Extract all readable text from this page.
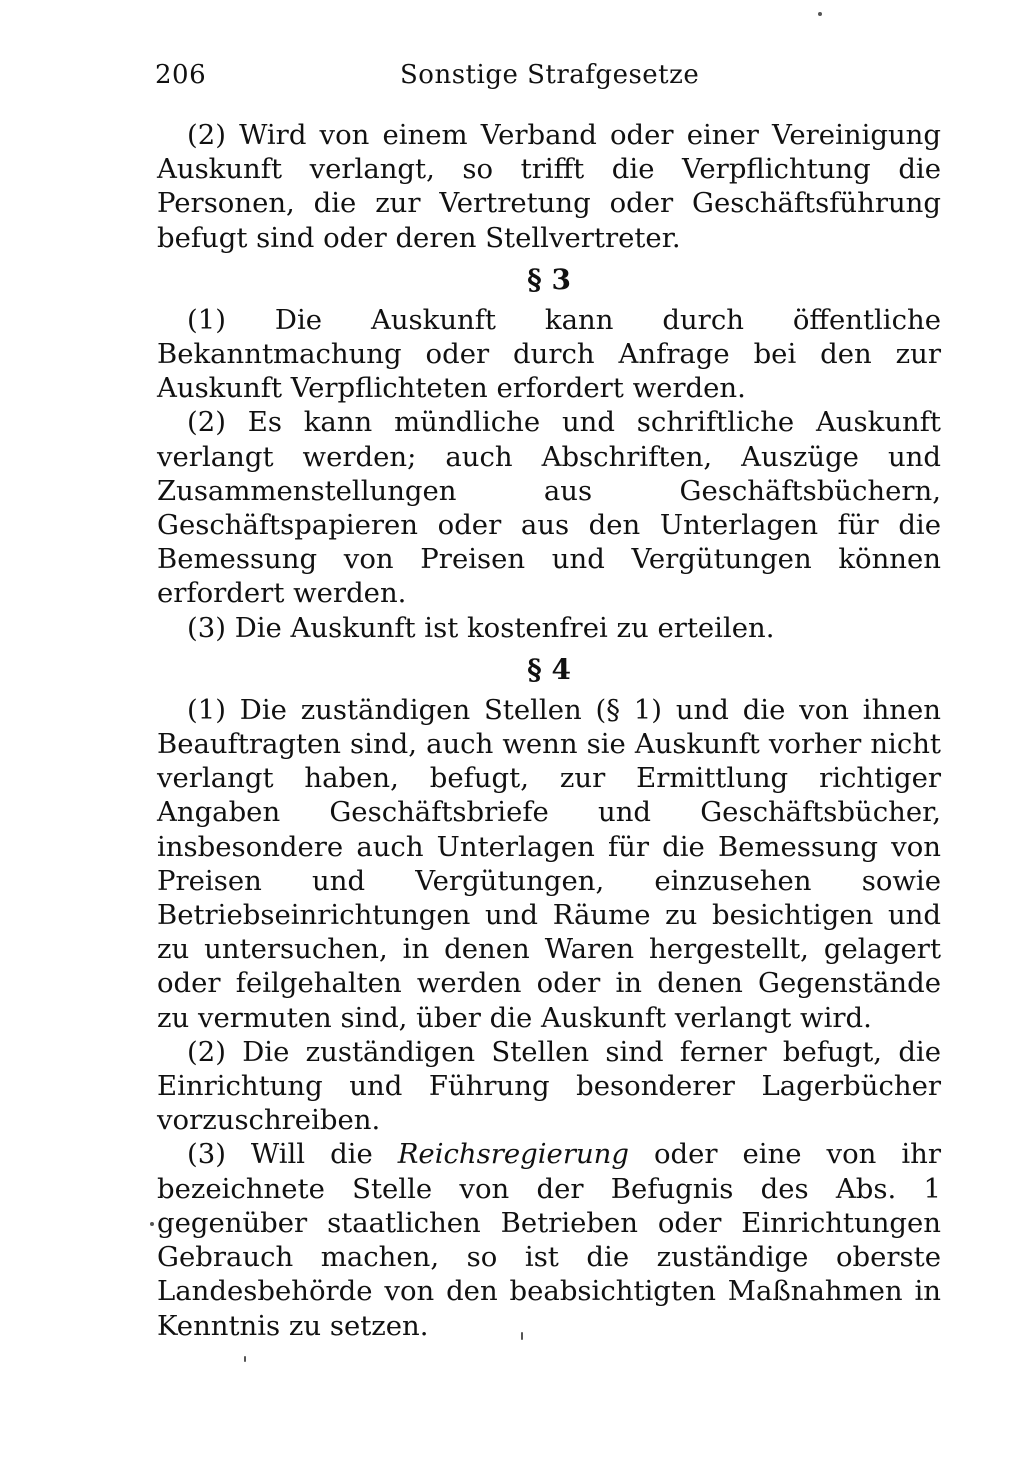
206	Sonstige Strafgesetze

(2) Wird von einem Verband oder einer Vereinigung Auskunft verlangt, so trifft die Verpflichtung die Personen, die zur Vertretung oder Geschäftsführung befugt sind oder deren Stellvertreter.

§ 3

(1) Die Auskunft kann durch öffentliche Bekanntmachung oder durch Anfrage bei den zur Auskunft Verpflichteten erfordert werden.

(2) Es kann mündliche und schriftliche Auskunft verlangt werden; auch Abschriften, Auszüge und Zusammenstellungen aus Geschäftsbüchern, Geschäftspapieren oder aus den Unterlagen für die Bemessung von Preisen und Vergütungen können erfordert werden.

(3) Die Auskunft ist kostenfrei zu erteilen.

§ 4

(1) Die zuständigen Stellen (§ 1) und die von ihnen Beauftragten sind, auch wenn sie Auskunft vorher nicht verlangt haben, befugt, zur Ermittlung richtiger Angaben Geschäftsbriefe und Geschäftsbücher, insbesondere auch Unterlagen für die Bemessung von Preisen und Vergütungen, einzusehen sowie Betriebseinrichtungen und Räume zu besichtigen und zu untersuchen, in denen Waren hergestellt, gelagert oder feilgehalten werden oder in denen Gegenstände zu vermuten sind, über die Auskunft verlangt wird.

(2) Die zuständigen Stellen sind ferner befugt, die Einrichtung und Führung besonderer Lagerbücher vorzuschreiben.

(3) Will die Reichsregierung oder eine von ihr bezeichnete Stelle von der Befugnis des Abs. 1 gegenüber staatlichen Betrieben oder Einrichtungen Gebrauch machen, so ist die zuständige oberste Landesbehörde von den beabsichtigten Maßnahmen in Kenntnis zu setzen.
